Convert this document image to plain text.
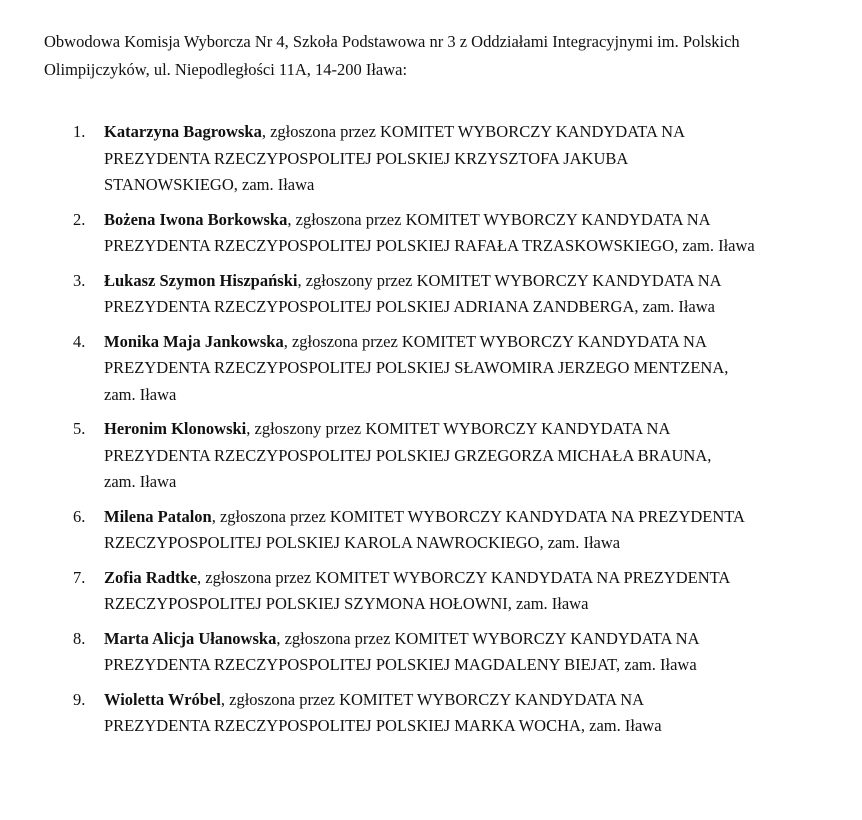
Obwodowa Komisja Wyborcza Nr 4, Szkoła Podstawowa nr 3 z Oddziałami Integracyjnymi im. Polskich
Olimpijczyków, ul. Niepodległości 11A, 14-200 Iława:

1. Katarzyna Bagrowska, zgłoszona przez KOMITET WYBORCZY KANDYDATA NA
PREZYDENTA RZECZYPOSPOLITEJ POLSKIEJ KRZYSZTOFA JAKUBA
STANOWSKIEGO, zam. Iława
2. Bożena Iwona Borkowska, zgłoszona przez KOMITET WYBORCZY KANDYDATA NA
PREZYDENTA RZECZYPOSPOLITEJ POLSKIEJ RAFAŁA TRZASKOWSKIEGO, zam. Iława
3. Łukasz Szymon Hiszpański, zgłoszony przez KOMITET WYBORCZY KANDYDATA NA
PREZYDENTA RZECZYPOSPOLITEJ POLSKIEJ ADRIANA ZANDBERGA, zam. Iława
4. Monika Maja Jankowska, zgłoszona przez KOMITET WYBORCZY KANDYDATA NA
PREZYDENTA RZECZYPOSPOLITEJ POLSKIEJ SŁAWOMIRA JERZEGO MENTZENA,
zam. Iława
5. Heronim Klonowski, zgłoszony przez KOMITET WYBORCZY KANDYDATA NA
PREZYDENTA RZECZYPOSPOLITEJ POLSKIEJ GRZEGORZA MICHAŁA BRAUNA,
zam. Iława
6. Milena Patalon, zgłoszona przez KOMITET WYBORCZY KANDYDATA NA PREZYDENTA
RZECZYPOSPOLITEJ POLSKIEJ KAROLA NAWROCKIEGO, zam. Iława
7. Zofia Radtke, zgłoszona przez KOMITET WYBORCZY KANDYDATA NA PREZYDENTA
RZECZYPOSPOLITEJ POLSKIEJ SZYMONA HOŁOWNI, zam. Iława
8. Marta Alicja Ułanowska, zgłoszona przez KOMITET WYBORCZY KANDYDATA NA
PREZYDENTA RZECZYPOSPOLITEJ POLSKIEJ MAGDALENY BIEJAT, zam. Iława
9. Wioletta Wróbel, zgłoszona przez KOMITET WYBORCZY KANDYDATA NA
PREZYDENTA RZECZYPOSPOLITEJ POLSKIEJ MARKA WOCHA, zam. Iława
